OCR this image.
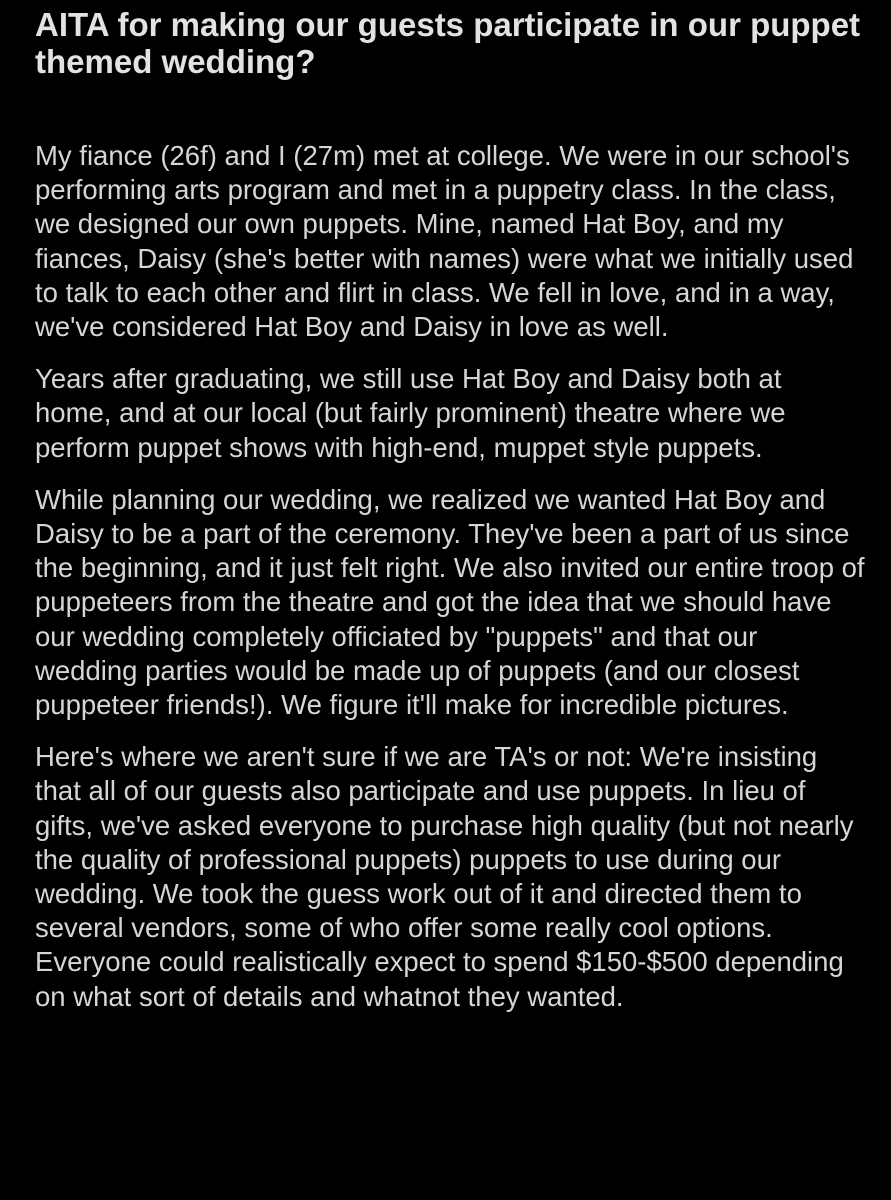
AITA for making our guests participate in our puppet themed wedding?

My fiance (26f) and I (27m) met at college. We were in our school's performing arts program and met in a puppetry class. In the class, we designed our own puppets. Mine, named Hat Boy, and my fiances, Daisy (she's better with names) were what we initially used to talk to each other and flirt in class. We fell in love, and in a way, we've considered Hat Boy and Daisy in love as well.

Years after graduating, we still use Hat Boy and Daisy both at home, and at our local (but fairly prominent) theatre where we perform puppet shows with high-end, muppet style puppets.

While planning our wedding, we realized we wanted Hat Boy and Daisy to be a part of the ceremony. They've been a part of us since the beginning, and it just felt right. We also invited our entire troop of puppeteers from the theatre and got the idea that we should have our wedding completely officiated by "puppets" and that our wedding parties would be made up of puppets (and our closest puppeteer friends!). We figure it'll make for incredible pictures.

Here's where we aren't sure if we are TA's or not: We're insisting that all of our guests also participate and use puppets. In lieu of gifts, we've asked everyone to purchase high quality (but not nearly the quality of professional puppets) puppets to use during our wedding. We took the guess work out of it and directed them to several vendors, some of who offer some really cool options. Everyone could realistically expect to spend $150-$500 depending on what sort of details and whatnot they wanted.
